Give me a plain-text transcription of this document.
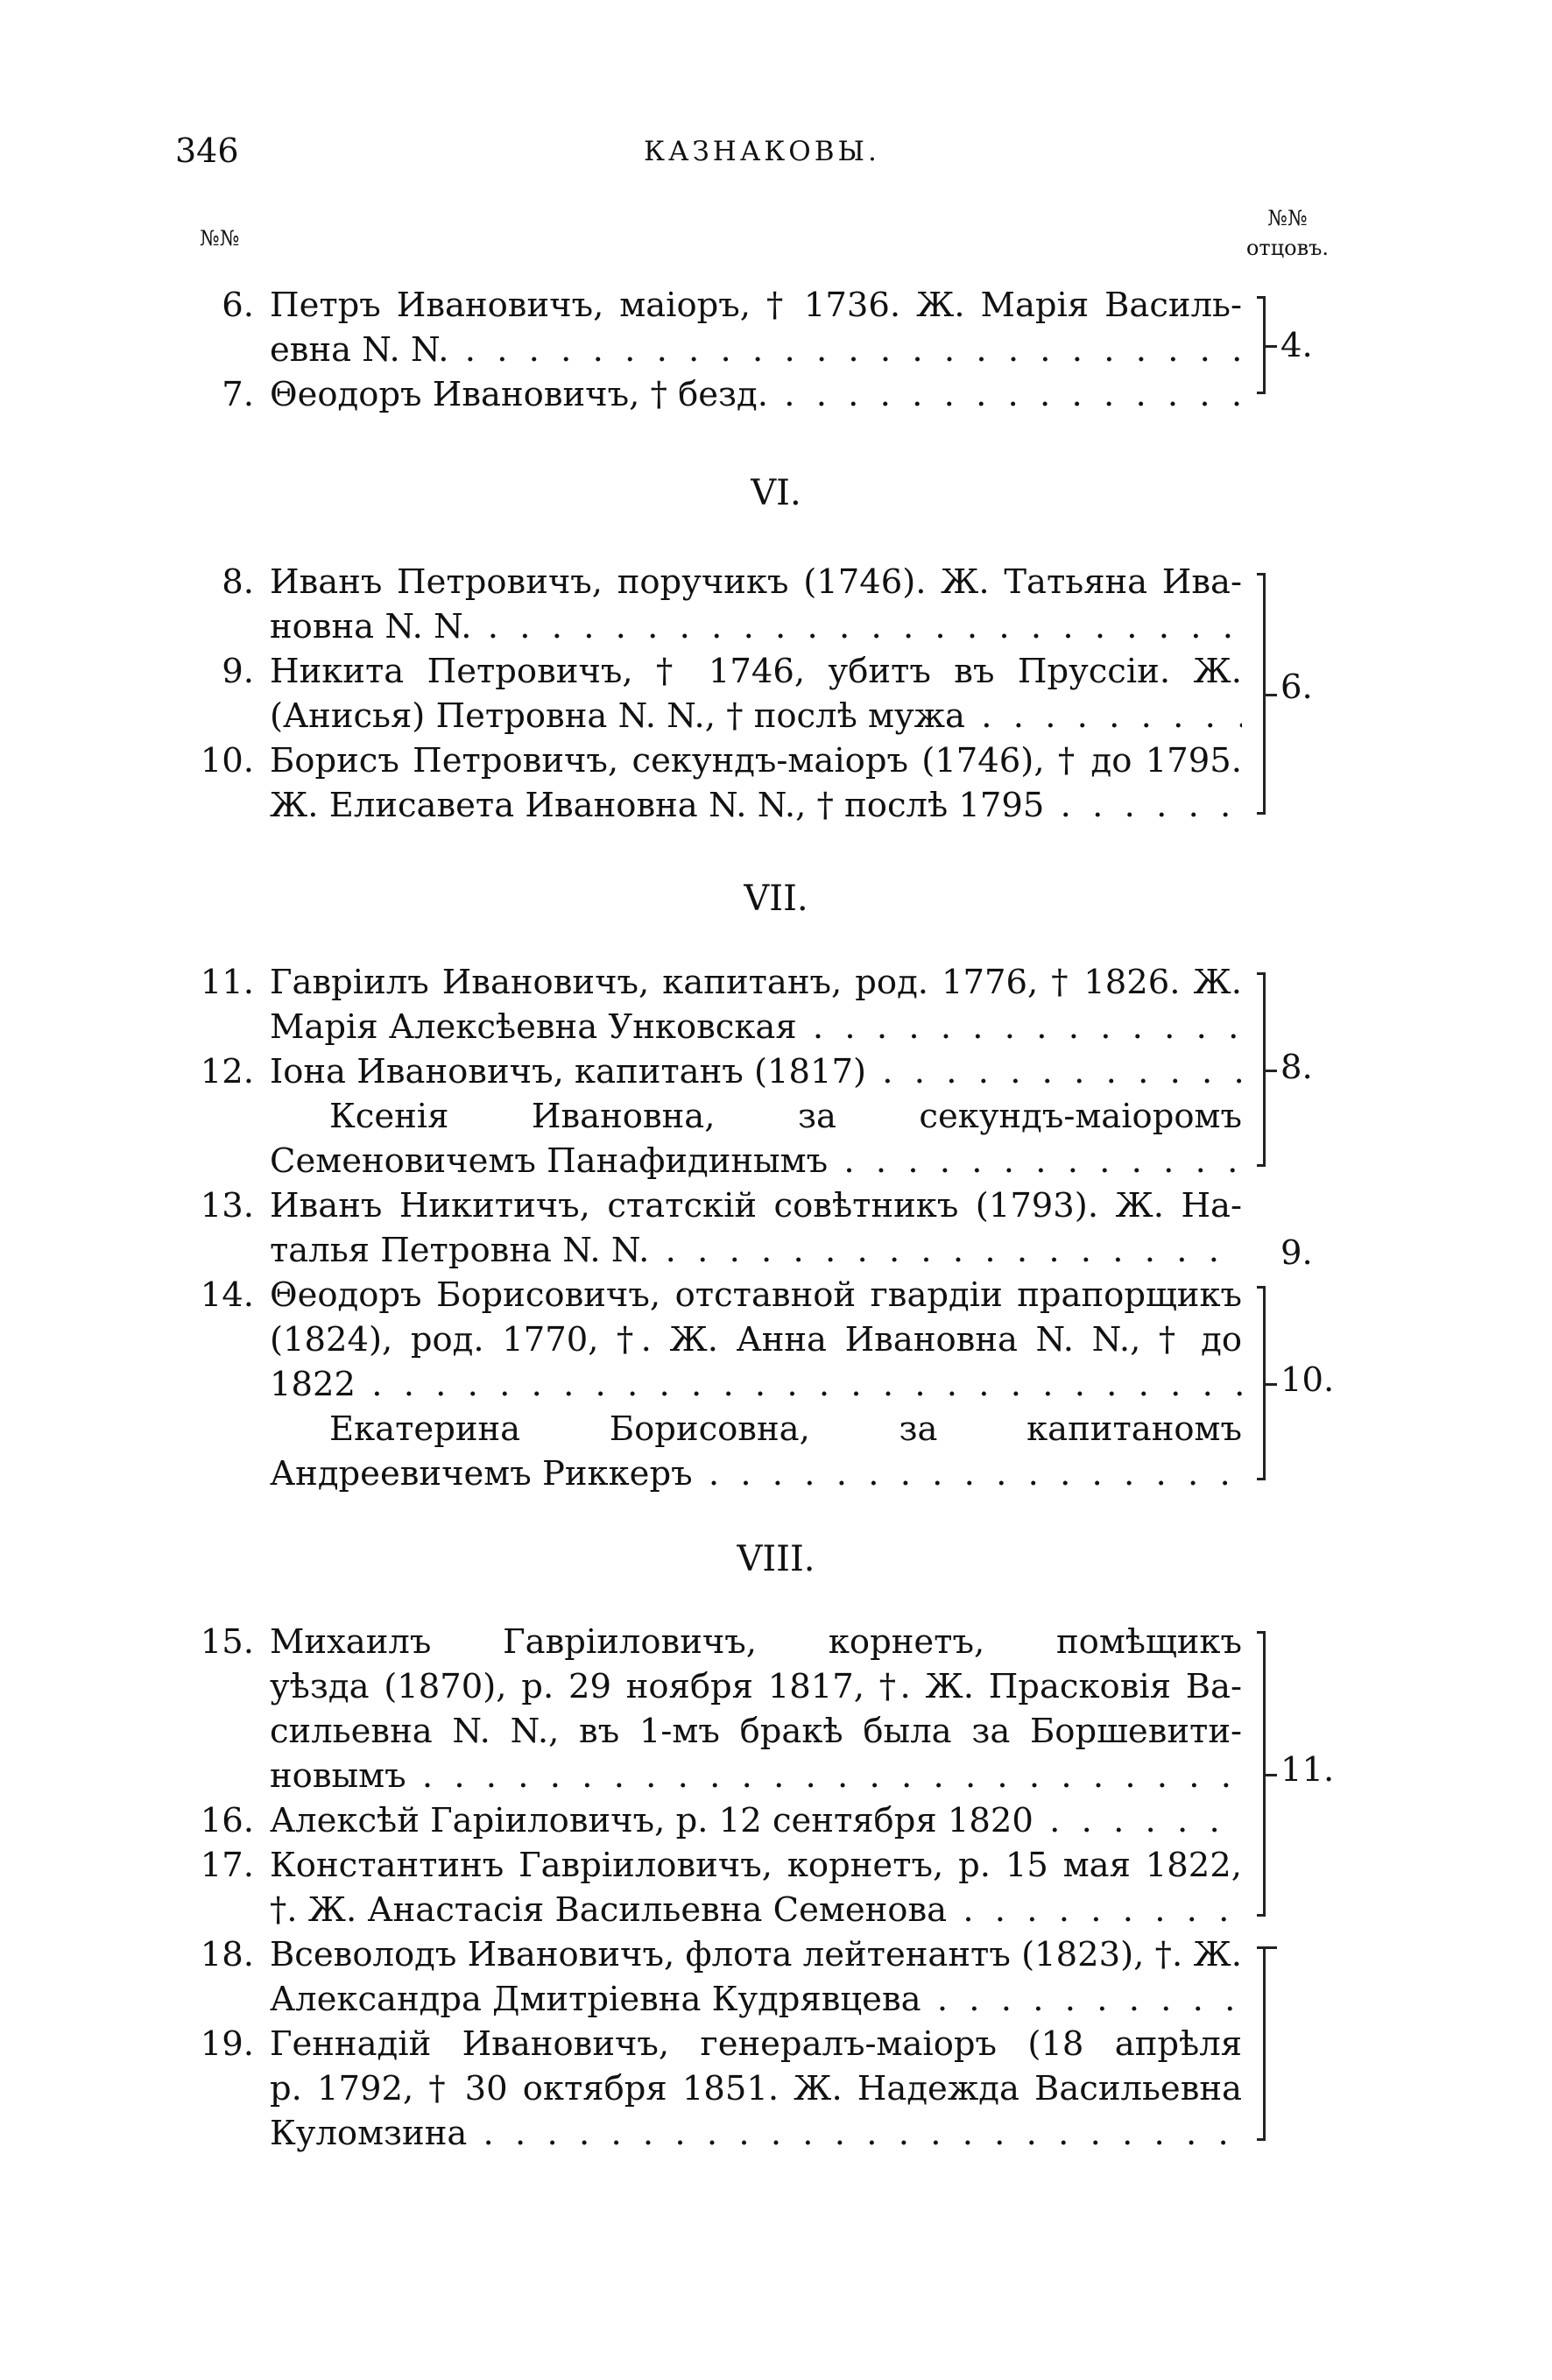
346	КАЗНАКОВЫ.
№№
№№
отцовъ.
6. Петръ Ивановичъ, маіоръ, † 1736. Ж. Марія Василь-
евна N. N. . . .
7. Θеодоръ Ивановичъ, † безд. . . .
4.
VI.
8. Иванъ Петровичъ, поручикъ (1746). Ж. Татьяна Ива-
новна N. N. . . .
9. Никита Петровичъ, † 1746, убитъ въ Пруссіи. Ж.
(Анисья) Петровна N. N., † послѣ мужа . . .
10. Борисъ Петровичъ, секундъ-маіоръ (1746), † до 1795.
Ж. Елисавета Ивановна N. N., † послѣ 1795 . . .
6.
VII.
11. Гавріилъ Ивановичъ, капитанъ, род. 1776, † 1826. Ж.
Марія Алексѣевна Унковская . . .
12. Іона Ивановичъ, капитанъ (1817) . . .
Ксенія Ивановна, за секундъ-маіоромъ
Семеновичемъ Панафидинымъ . . .
8.
13. Иванъ Никитичъ, статскій совѣтникъ (1793). Ж. На-
талья Петровна N. N. . . .	9.
14. Θеодоръ Борисовичъ, отставной гвардіи прапорщикъ
(1824), род. 1770, †. Ж. Анна Ивановна N. N., † до
1822 . . .
Екатерина Борисовна, за капитаномъ
Андреевичемъ Риккеръ . . .
10.
VIII.
15. Михаилъ Гавріиловичъ, корнетъ, помѣщикъ
уѣзда (1870), р. 29 ноября 1817, †. Ж. Прасковія Ва-
сильевна N. N., въ 1-мъ бракѣ была за Боршевити-
новымъ . . .
16. Алексѣй Гаріиловичъ, р. 12 сентября 1820 . . .
17. Константинъ Гавріиловичъ, корнетъ, р. 15 мая 1822,
†. Ж. Анастасія Васильевна Семенова . . .
11.
18. Всеволодъ Ивановичъ, флота лейтенантъ (1823), †. Ж.
Александра Дмитріевна Кудрявцева . . .
19. Геннадій Ивановичъ, генералъ-маіоръ (18 апрѣля
р. 1792, † 30 октября 1851. Ж. Надежда Васильевна
Куломзина . . .
